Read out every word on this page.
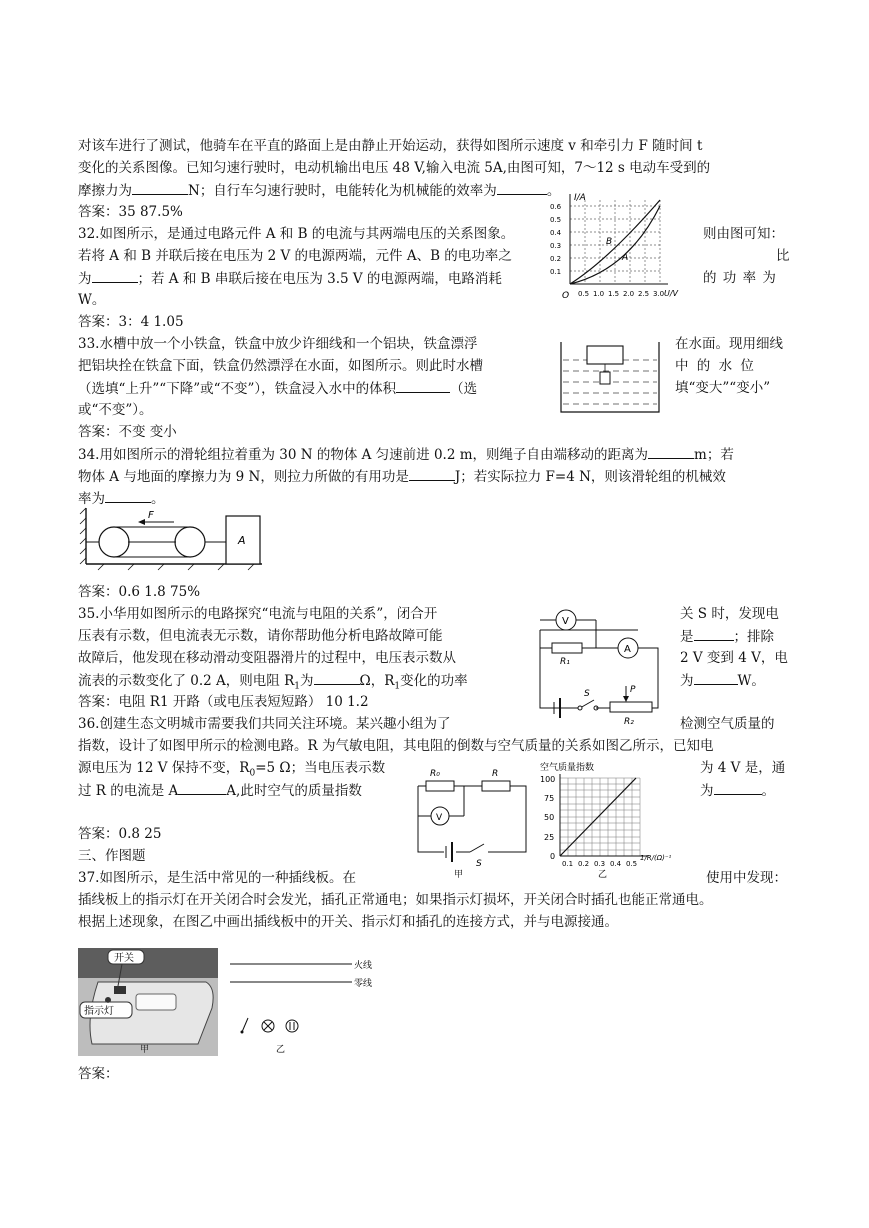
对该车进行了测试，他骑车在平直的路面上是由静止开始运动，获得如图所示速度 v 和牵引力 F 随时间 t
变化的关系图像。已知匀速行驶时，电动机输出电压 48 V,输入电流 5A,由图可知，7～12 s 电动车受到的
摩擦力为	N；自行车匀速行驶时，电能转化为机械能的效率为	。
答案：35 87.5%
32.如图所示，是通过电路元件 A 和 B 的电流与其两端电压的关系图象。	则由图可知：
若将 A 和 B 并联后接在电压为 2 V 的电源两端，元件 A、B 的电功率之	比
为	；若 A 和 B 串联后接在电压为 3.5 V 的电源两端，电路消耗	的 功 率 为
W。
答案：3：4 1.05
I/A
0.6
0.5
0.4
0.3
0.2
0.1
O 0.5 1.0 1.5 2.0 2.5 3.0 U/V
B
A
33.水槽中放一个小铁盒，铁盒中放少许细线和一个铝块，铁盒漂浮	在水面。现用细线
把铝块拴在铁盒下面，铁盒仍然漂浮在水面，如图所示。则此时水槽	中 的 水 位
（选填“上升”“下降”或“不变”），铁盒浸入水中的体积	（选	填“变大”“变小”
或“不变”）。
答案：不变 变小
34.用如图所示的滑轮组拉着重为 30 N 的物体 A 匀速前进 0.2 m，则绳子自由端移动的距离为	m；若
物体 A 与地面的摩擦力为 9 N，则拉力所做的有用功是	J；若实际拉力 F=4 N，则该滑轮组的机械效
率为	。
F
A
答案：0.6 1.8 75%
35.小华用如图所示的电路探究“电流与电阻的关系”，闭合开	关 S 时，发现电
压表有示数，但电流表无示数，请你帮助他分析电路故障可能	是	；排除
故障后，他发现在移动滑动变阻器滑片的过程中，电压表示数从	2 V 变到 4 V，电
流表的示数变化了 0.2 A，则电阻 $R_1$为	Ω，$R_1$变化的功率	为	W。
答案：电阻 R1 开路（或电压表短短路） 10 1.2
V
R₁
A
S	P
R₂
36.创建生态文明城市需要我们共同关注环境。某兴趣小组为了	检测空气质量的
指数，设计了如图甲所示的检测电路。R 为气敏电阻，其电阻的倒数与空气质量的关系如图乙所示，已知电
源电压为 12 V 保持不变，$R_0=5$ Ω；当电压表示数	为 4 V 是，通
过 R 的电流是 A	A,此时空气的质量指数	为	。
答案：0.8 25
R₀	R
V
S
甲
空气质量指数
100
75
50
25
0
0.1 0.2 0.3 0.4 0.5
1/R/(Ω)⁻¹
乙
三、作图题
37.如图所示，是生活中常见的一种插线板。在	使用中发现：
插线板上的指示灯在开关闭合时会发光，插孔正常通电；如果指示灯损坏，开关闭合时插孔也能正常通电。
根据上述现象，在图乙中画出插线板中的开关、指示灯和插孔的连接方式，并与电源接通。
开关
指示灯
甲
火线
零线
乙
答案：
